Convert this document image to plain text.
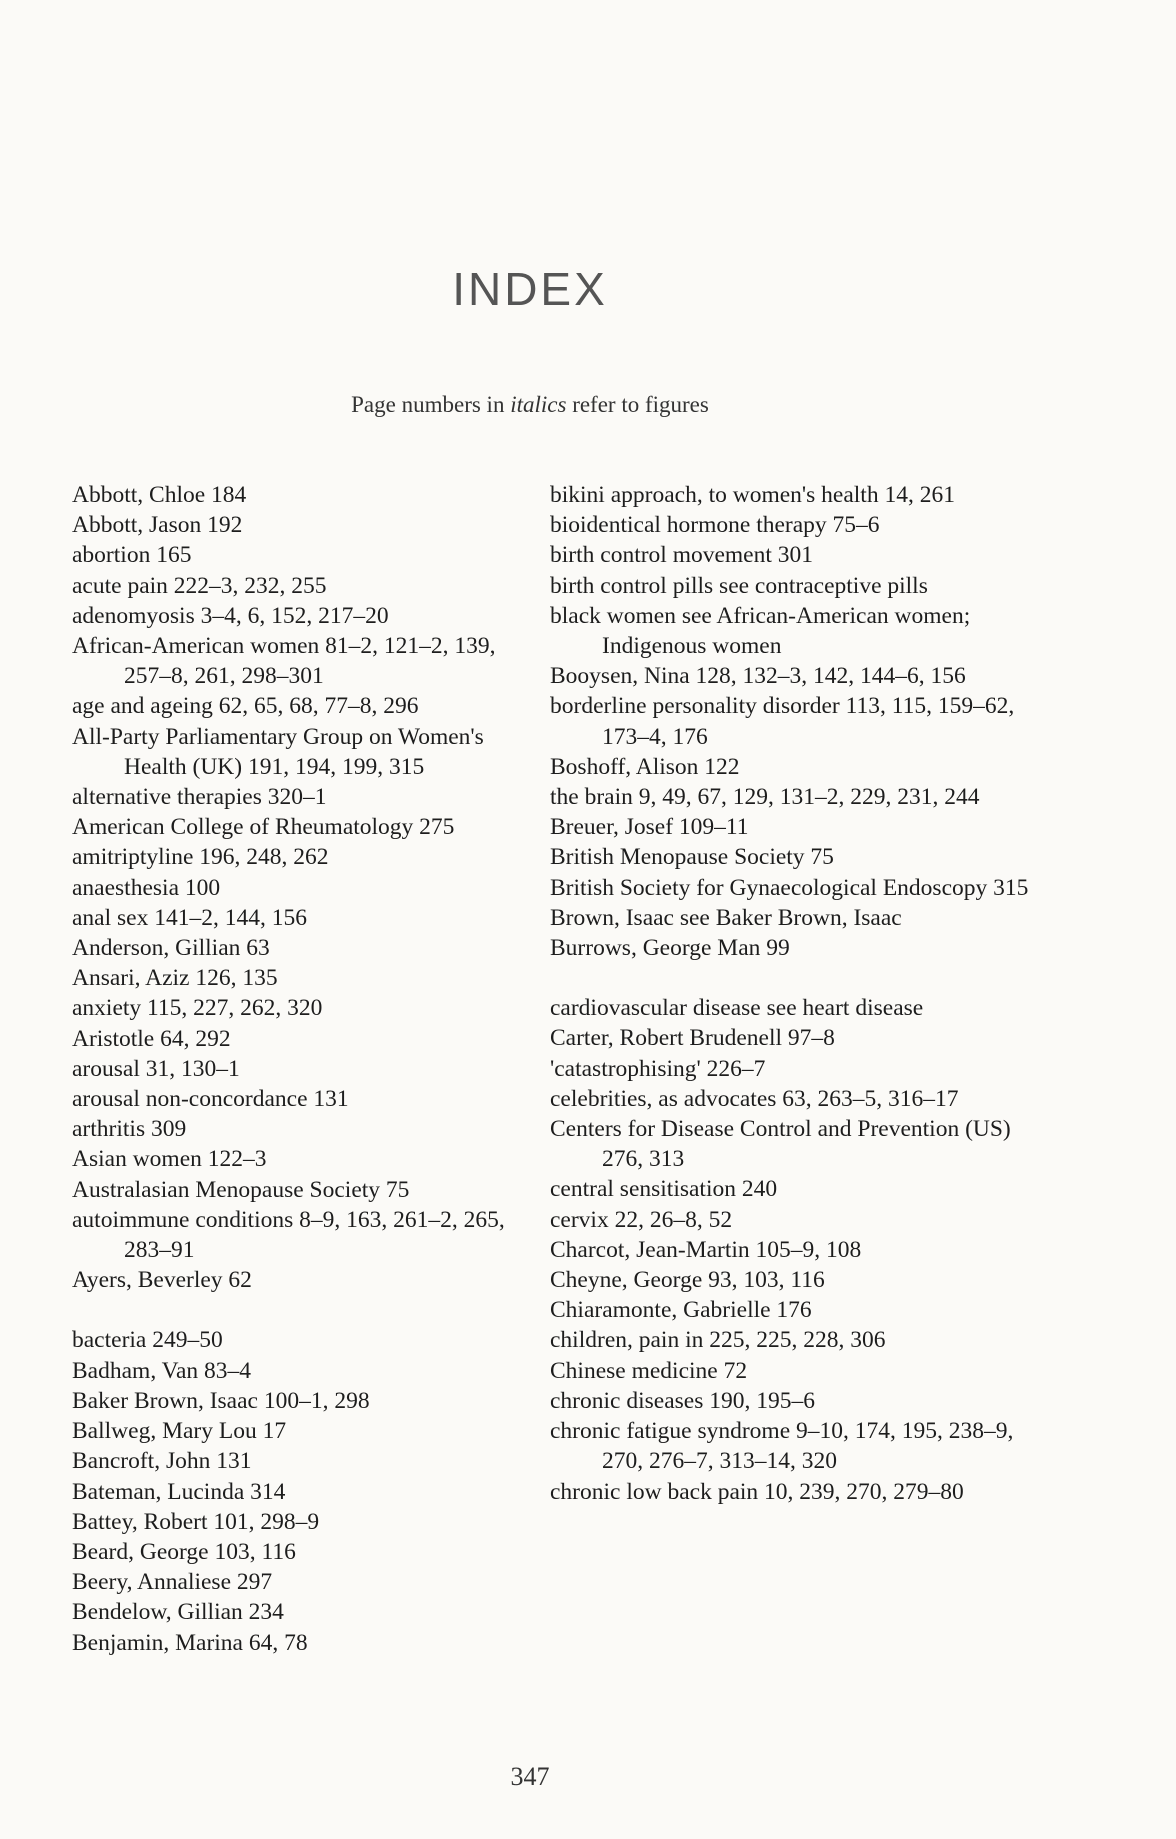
INDEX
Page numbers in italics refer to figures
Abbott, Chloe 184
Abbott, Jason 192
abortion 165
acute pain 222–3, 232, 255
adenomyosis 3–4, 6, 152, 217–20
African-American women 81–2, 121–2, 139, 257–8, 261, 298–301
age and ageing 62, 65, 68, 77–8, 296
All-Party Parliamentary Group on Women's Health (UK) 191, 194, 199, 315
alternative therapies 320–1
American College of Rheumatology 275
amitriptyline 196, 248, 262
anaesthesia 100
anal sex 141–2, 144, 156
Anderson, Gillian 63
Ansari, Aziz 126, 135
anxiety 115, 227, 262, 320
Aristotle 64, 292
arousal 31, 130–1
arousal non-concordance 131
arthritis 309
Asian women 122–3
Australasian Menopause Society 75
autoimmune conditions 8–9, 163, 261–2, 265, 283–91
Ayers, Beverley 62
bacteria 249–50
Badham, Van 83–4
Baker Brown, Isaac 100–1, 298
Ballweg, Mary Lou 17
Bancroft, John 131
Bateman, Lucinda 314
Battey, Robert 101, 298–9
Beard, George 103, 116
Beery, Annaliese 297
Bendelow, Gillian 234
Benjamin, Marina 64, 78
bikini approach, to women's health 14, 261
bioidentical hormone therapy 75–6
birth control movement 301
birth control pills see contraceptive pills
black women see African-American women; Indigenous women
Booysen, Nina 128, 132–3, 142, 144–6, 156
borderline personality disorder 113, 115, 159–62, 173–4, 176
Boshoff, Alison 122
the brain 9, 49, 67, 129, 131–2, 229, 231, 244
Breuer, Josef 109–11
British Menopause Society 75
British Society for Gynaecological Endoscopy 315
Brown, Isaac see Baker Brown, Isaac
Burrows, George Man 99
cardiovascular disease see heart disease
Carter, Robert Brudenell 97–8
'catastrophising' 226–7
celebrities, as advocates 63, 263–5, 316–17
Centers for Disease Control and Prevention (US) 276, 313
central sensitisation 240
cervix 22, 26–8, 52
Charcot, Jean-Martin 105–9, 108
Cheyne, George 93, 103, 116
Chiaramonte, Gabrielle 176
children, pain in 225, 225, 228, 306
Chinese medicine 72
chronic diseases 190, 195–6
chronic fatigue syndrome 9–10, 174, 195, 238–9, 270, 276–7, 313–14, 320
chronic low back pain 10, 239, 270, 279–80
347
